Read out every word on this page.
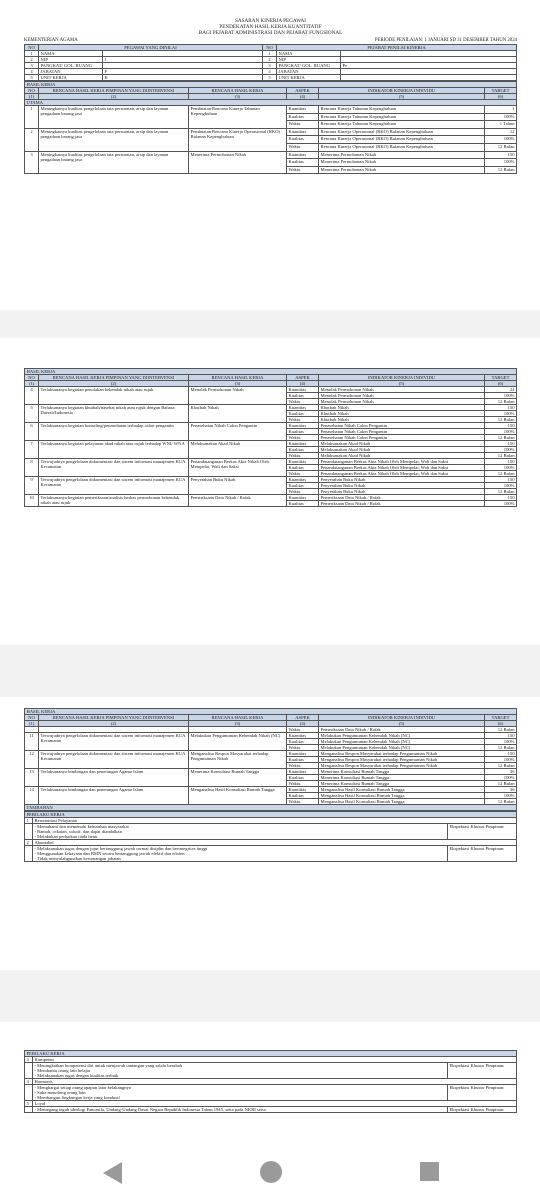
SASARAN KINERJA PEGAWAI
PENDEKATAN HASIL KERJA KUANTITATIF
BAGI PEJABAT ADMINISTRASI DAN PEJABAT FUNGSIONAL
KEMENTERIAN AGAMA	PERIODE PENILAIAN: 1 JANUARI SD 31 DESEMBER TAHUN 2024
NO	PEGAWAI YANG DINILAI		NO	PEJABAT PENILAI KINERJA	
1	NAMA		1	NAMA	
2	NIP	1	2	NIP	
3	PANGKAT/ GOL. RUANG		3	PANGKAT/ GOL. RUANG	Pe
4	JABATAN	F	4	JABATAN	
5	UNIT KERJA	K	5	UNIT KERJA	
HASIL KERJA					
NO	RENCANA HASIL KERJA PIMPINAN YANG DIINTERVENSI	RENCANA HASIL KERJA	ASPEK	INDIKATOR KINERJA INDIVIDU	TARGET
(1)	(2)	(3)	(4)	(5)	(6)
UTAMA					
1	Meningkatnya kualitas pengelolaan tata persuratan, arsip dan layanan pengadaan barang jasa	Pembuatan Rencana Kinerja Tahunan Kepenghuluan	Kuantitas	Rencana Kinerja Tahunan Kepenghuluan	1
			Kualitas	Rencana Kinerja Tahunan Kepenghuluan	100%
			Waktu	Rencana Kinerja Tahunan Kepenghuluan	1 Tahun
2	Meningkatnya kualitas pengelolaan tata persuratan, arsip dan layanan pengadaan barang jasa	Pembuatan Rencana Kinerja Operasional (RKO) Bulanan Kepenghuluan	Kuantitas	Rencana Kinerja Operasional (RKO) Bulanan Kepenghuluan	12
			Kualitas	Rencana Kinerja Operasional (RKO) Bulanan Kepenghuluan	100%
			Waktu	Rencana Kinerja Operasional (RKO) Bulanan Kepenghuluan	12 Bulan
3	Meningkatnya kualitas pengelolaan tata persuratan, arsip dan layanan pengadaan barang jasa	Menerima Permohonan Nikah	Kuantitas	Menerima Permohonan Nikah	150
			Kualitas	Menerima Permohonan Nikah	100%
			Waktu	Menerima Permohonan Nikah	12 Bulan
HASIL KERJA					
NO	RENCANA HASIL KERJA PIMPINAN YANG DIINTERVENSI	RENCANA HASIL KERJA	ASPEK	INDIKATOR KINERJA INDIVIDU	TARGET
(1)	(2)	(3)	(4)	(5)	(6)
4	Terlaksananya kegiatan penolakan kehendak nikah atau rujuk	Menolak Permohonan Nikah	Kuantitas	Menolak Permohonan Nikah	24
			Kualitas	Menolak Permohonan Nikah	100%
			Waktu	Menolak Permohonan Nikah	12 Bulan
5	Terlaksananya kegiatan khutbah/nasehat nikah atau rujuk dengan Bahasa Daerah/Indonesia	Khutbah Nikah	Kuantitas	Khutbah Nikah	150
			Kualitas	Khutbah Nikah	100%
			Waktu	Khutbah Nikah	12 Bulan
6	Terlaksananya kegiatan konseling/penasehatan terhadap calon pengantin	Penasehatan Nikah Calon Pengantin	Kuantitas	Penasehatan Nikah Calon Pengantin	150
			Kualitas	Penasehatan Nikah Calon Pengantin	100%
			Waktu	Penasehatan Nikah Calon Pengantin	12 Bulan
7	Terlaksananya kegiatan pelayanan akad nikah atau rujuk terhadap WNI/ WNA	Melaksanakan Akad Nikah	Kuantitas	Melaksanakan Akad Nikah	150
			Kualitas	Melaksanakan Akad Nikah	100%
			Waktu	Melaksanakan Akad Nikah	12 Bulan
8	Terwujudnya pengelolaan dokumentasi dan sistem informasi manajemen KUA Kecamatan	Penandatanganan Berkas Akta Nikah Oleh Mempelai, Wali dan Saksi	Kuantitas	Penandatanganan Berkas Akta Nikah Oleh Mempelai, Wali dan Saksi	150
			Kualitas	Penandatanganan Berkas Akta Nikah Oleh Mempelai, Wali dan Saksi	100%
			Waktu	Penandatanganan Berkas Akta Nikah Oleh Mempelai, Wali dan Saksi	12 Bulan
9	Terwujudnya pengelolaan dokumentasi dan sistem informasi manajemen KUA Kecamatan	Penyerahan Buku Nikah	Kuantitas	Penyerahan Buku Nikah	150
			Kualitas	Penyerahan Buku Nikah	100%
			Waktu	Penyerahan Buku Nikah	12 Bulan
10	Terlaksananya kegiatan pemeriksaan/analisis berkas permohonan kehendak nikah atau rujuk	Pemeriksaan Data Nikah / Rafak	Kuantitas	Pemeriksaan Data Nikah / Rafak	150
			Kualitas	Pemeriksaan Data Nikah / Rafak	100%
HASIL KERJA					
NO	RENCANA HASIL KERJA PIMPINAN YANG DIINTERVENSI	RENCANA HASIL KERJA	ASPEK	INDIKATOR KINERJA INDIVIDU	TARGET
(1)	(2)	(3)	(4)	(5)	(6)
			Waktu	Pemeriksaan Data Nikah / Rafak	12 Bulan
11	Terwujudnya pengelolaan dokumentasi dan sistem informasi manajemen KUA Kecamatan	Melakukan Pengumuman Kehendak Nikah (NC)	Kuantitas	Melakukan Pengumuman Kehendak Nikah (NC)	150
			Kualitas	Melakukan Pengumuman Kehendak Nikah (NC)	100%
			Waktu	Melakukan Pengumuman Kehendak Nikah (NC)	12 Bulan
12	Terwujudnya pengelolaan dokumentasi dan sistem informasi manajemen KUA Kecamatan	Menganalisa Respon Masyarakat terhadap Pengumuman Nikah	Kuantitas	Menganalisa Respon Masyarakat terhadap Pengumuman Nikah	150
			Kualitas	Menganalisa Respon Masyarakat terhadap Pengumuman Nikah	100%
			Waktu	Menganalisa Respon Masyarakat terhadap Pengumuman Nikah	12 Bulan
13	Terlaksananya bimbingan dan penerangan Agama Islam	Menerima Konsultasi Rumah Tangga	Kuantitas	Menerima Konsultasi Rumah Tangga	36
			Kualitas	Menerima Konsultasi Rumah Tangga	100%
			Waktu	Menerima Konsultasi Rumah Tangga	12 Bulan
14	Terlaksananya bimbingan dan penerangan Agama Islam	Menganalisa Hasil Konsultasi Rumah Tangga	Kuantitas	Menganalisa Hasil Konsultasi Rumah Tangga	36
			Kualitas	Menganalisa Hasil Konsultasi Rumah Tangga	100%
			Waktu	Menganalisa Hasil Konsultasi Rumah Tangga	12 Bulan
TAMBAHAN					
PERILAKU KERJA		
1	Berorientasi Pelayanan	

	- Memahami dan memenuhi kebutuhan masyarakat
- Ramah, cekatan, solutif, dan dapat diandalkan
- Melakukan perbaikan tiada henti	Ekspektasi Khusus Pimpinan:
2	Akuntabel	

	- Melaksanakan tugas dengan jujur bertanggung jawab cermat disiplin dan berintegritas tinggi
- Menggunakan kekayaan dan BMN secara bertanggung jawab efektif dan efisien
- Tidak menyalahgunakan kewenangan jabatan	Ekspektasi Khusus Pimpinan:
PERILAKU KERJA		
3	Kompeten	

	- Meningkatkan kompetensi diri untuk menjawab tantangan yang selalu berubah
- Membantu orang lain belajar
- Melaksanakan tugas dengan kualitas terbaik	Ekspektasi Khusus Pimpinan:
4	Harmonis	

	- Menghargai setiap orang apapun latar belakangnya
- Suka menolong orang lain
- Membangun lingkungan kerja yang kondusif	Ekspektasi Khusus Pimpinan:
5	Loyal	

	- Memegang teguh ideologi Pancasila, Undang-Undang Dasar Negara Republik Indonesia Tahun 1945, setia pada NKRI serta	Ekspektasi Khusus Pimpinan:
